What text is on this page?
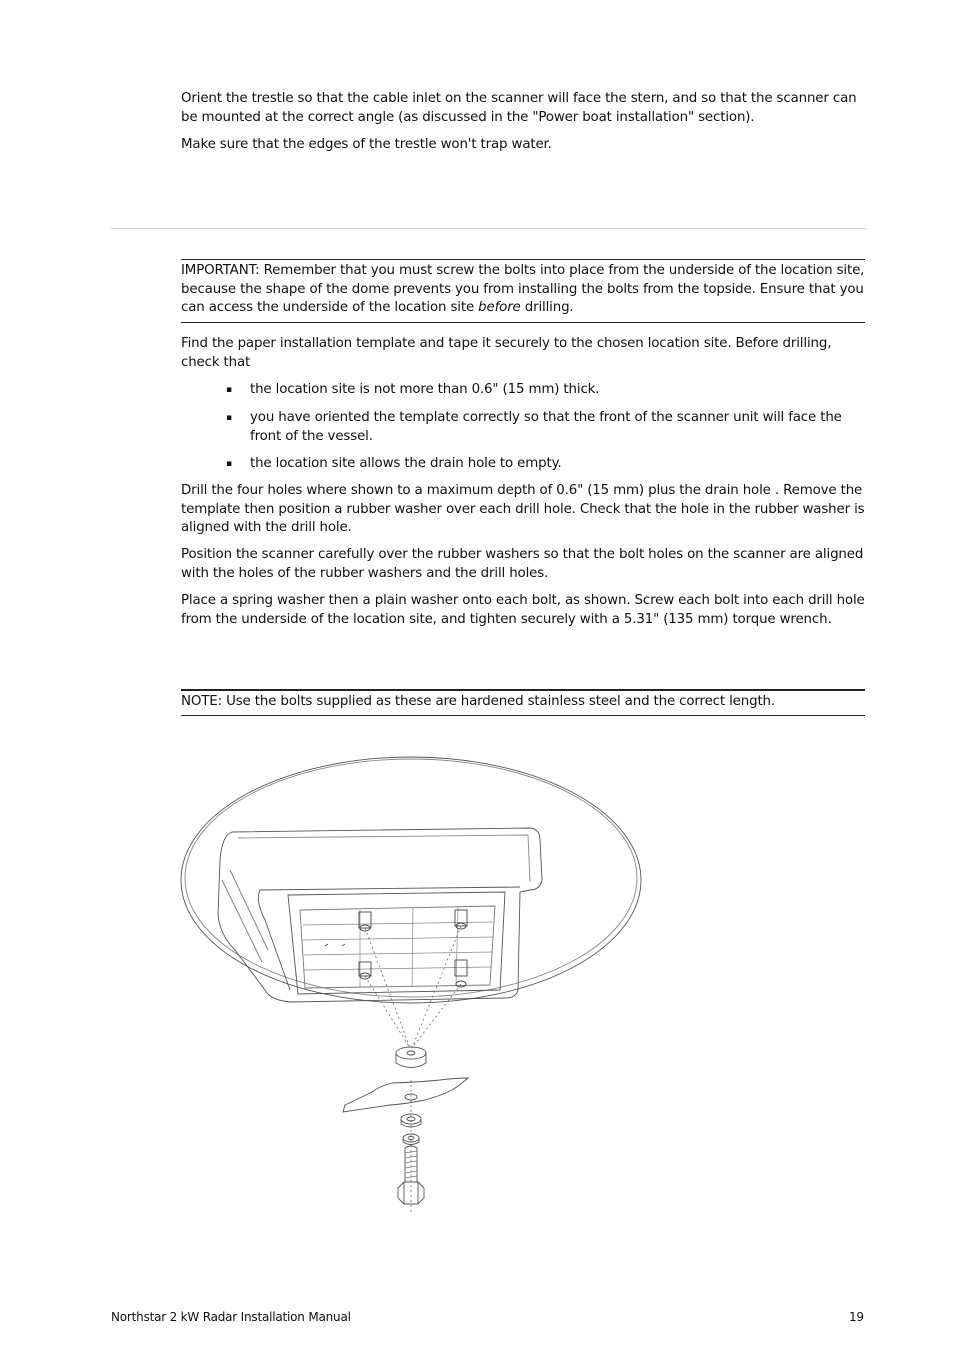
Orient the trestle so that the cable inlet on the scanner will face the stern, and so that the scanner can be mounted at the correct angle (as discussed in the "Power boat installation" section).

Make sure that the edges of the trestle won't trap water.

IMPORTANT: Remember that you must screw the bolts into place from the underside of the location site, because the shape of the dome prevents you from installing the bolts from the topside. Ensure that you can access the underside of the location site before drilling.

Find the paper installation template and tape it securely to the chosen location site. Before drilling, check that

▪ the location site is not more than 0.6" (15 mm) thick.
▪ you have oriented the template correctly so that the front of the scanner unit will face the front of the vessel.
▪ the location site allows the drain hole to empty.

Drill the four holes where shown to a maximum depth of 0.6" (15 mm) plus the drain hole . Remove the template then position a rubber washer over each drill hole. Check that the hole in the rubber washer is aligned with the drill hole.

Position the scanner carefully over the rubber washers so that the bolt holes on the scanner are aligned with the holes of the rubber washers and the drill holes.

Place a spring washer then a plain washer onto each bolt, as shown. Screw each bolt into each drill hole from the underside of the location site, and tighten securely with a 5.31" (135 mm) torque wrench.

NOTE: Use the bolts supplied as these are hardened stainless steel and the correct length.

Northstar 2 kW Radar Installation Manual	19
